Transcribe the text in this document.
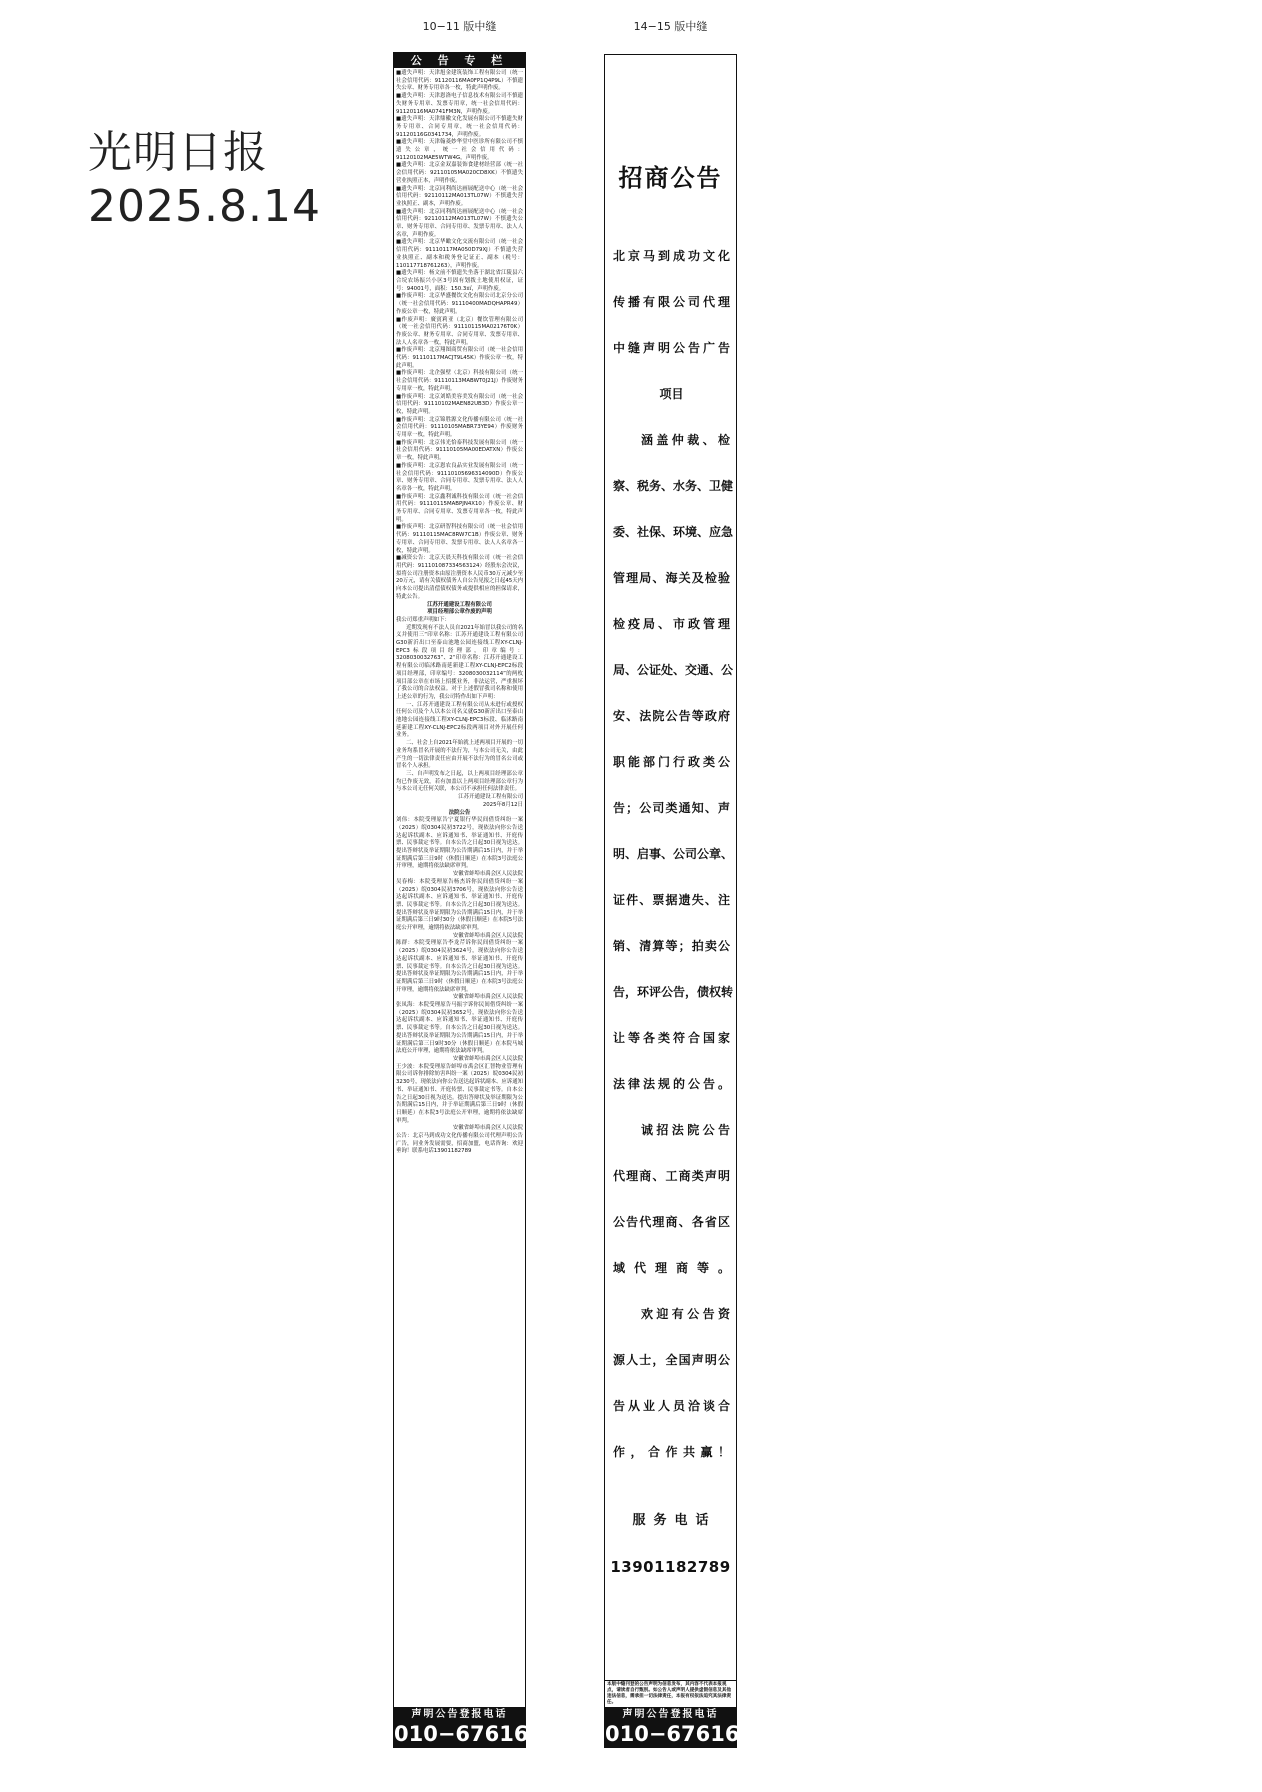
光明日报
2025.8.14
10−11 版中缝	14−15 版中缝
公 告 专 栏

■遗失声明：天津旭金建筑装饰工程有限公司（统一社会信用代码：91120116MA0FP1Q4P9L）不慎遗失公章、财务专用章各一枚，特此声明作废。

■遗失声明：天津恩洛电子信息技术有限公司不慎遗失财务专用章、发票专用章，统一社会信用代码：91120116MA0741FM3N，声明作废。

■遗失声明：天津鼎徽文化发展有限公司不慎遗失财务专用章、合同专用章，统一社会信用代码：91120116G0341734，声明作废。

■遗失声明：天津翰菱妙华堂中医诊所有限公司不慎遗失公章，统一社会信用代码：91120102MAE5WTW4G，声明作废。

■遗失声明：北京金双嘉装饰食建材经营部（统一社会信用代码：92110105MA020CD8XK）不慎遗失营业执照正本，声明作废。

■遗失声明：北京同利尚达画展配送中心（统一社会信用代码：92110112MA013TL07W）不慎遗失营业执照正、副本，声明作废。

■遗失声明：北京同利尚达画展配送中心（统一社会信用代码：92110112MA013TL07W）不慎遗失公章、财务专用章、合同专用章、发票专用章、法人人名章，声明作废。

■遗失声明：北京华瞰文化交流有限公司（统一社会信用代码：91110117MA050D79XJ）不慎遗失营业执照正、副本和税务登记证正、副本（税号：110117718761263），声明作废。

■遗失声明：杨文前不慎遗失坐落于湖北省江陵县六合垸农场振兴小区3号固有划拨土地使用权证，证号：94001号，面积：150.3㎡，声明作废。

■作废声明：北京华盛餐饮文化有限公司北京分公司（统一社会信用代码：91110400MADQHAPR49）作废公章一枚，特此声明。

■作废声明：廣賓莉亚（北京）餐饮管理有限公司（统一社会信用代码：91110115MA02176T0K）作废公章、财务专用章、合同专用章、发票专用章、法人人名章各一枚，特此声明。

■作废声明：北京翔图商贸有限公司（统一社会信用代码：91110117MACJT9L45K）作废公章一枚，特此声明。

■作废声明：北企强壁（北京）科技有限公司（统一社会信用代码：91110113MABWT0J21J）作废财务专用章一枚，特此声明。

■作废声明：北京刘皓美容美发有限公司（统一社会信用代码：91110102MAEN82UB3D）作废公章一枚，特此声明。

■作废声明：北京锦胜源文化传播有限公司（统一社会信用代码：91110105MABR73YE94）作废财务专用章一枚，特此声明。

■作废声明：北京伟光恰泰科技发展有限公司（统一社会信用代码：91110105MA00EDATXN）作废公章一枚，特此声明。

■作废声明：北京恩农良品实业发展有限公司（统一社会信用代码：91110105696314090D）作废公章、财务专用章、合同专用章、发票专用章、法人人名章各一枚，特此声明。

■作废声明：北京鑫利诚科技有限公司（统一社会信用代码：91110115MABPJN4X10）作废公章、财务专用章、合同专用章、发票专用章各一枚，特此声明。

■作废声明：北京研智科技有限公司（统一社会信用代码：91110115MAC8RW7C1B）作废公章、财务专用章、合同专用章、发票专用章、法人人名章各一枚，特此声明。

■减资公告：北京天晨天科技有限公司（统一社会信用代码：911101087334563124）经股东会决议，拟将公司注册资本由原注册资本人民币30万元减少至20万元，请有关债权债务人自公告见报之日起45天内向本公司提出清偿债权债务或提供相应的担保请求，特此公告。

江苏开通建设工程有限公司

项目经理部公章作废的声明

我公司郑重声明如下：

近期发现有不法人员自2021年始冒以我公司的名义并使用三“印章名称：江苏开通建设工程有限公司G30新沂出口至泰山池地公园连接线工程XY-CLNJ-EPC3标段项目经理部，印章编号：3208030032763”、2“印章名称：江苏开通建设工程有限公司临沭路南延新建工程XY-CLNJ-EPC2标段项目经理部，印章编号：3208030032114”的两枚项目部公章在市场上招揽业务，非法运营，严重损坏了我公司的合法权益。对于上述假冒我司名称和使用上述公章的行为，我公司特作出如下声明：

一、江苏开通建设工程有限公司从未进行或授权任何公司及个人以本公司名义就G30新沂出口至泰山池地公园连接线工程XY-CLNJ-EPC3标段、临沭路南延新建工程XY-CLNJ-EPC2标段两项目对外开展任何业务。

二、社会上自2021年始就上述两项目开展的一切业务均系冒名开展的不法行为，与本公司无关，由此产生的一切法律责任应由开展不法行为的冒名公司或冒名个人承担。

三、自声明发布之日起，以上两项目经理部公章均已作废无效，若有加盖以上两项目经理部公章行为与本公司无任何关联，本公司不承担任何法律责任。

江苏开通建设工程有限公司

2025年8月12日

法院公告

刘伟：本院受理原告宁夏银行华民间借贷纠纷一案（2025）皖0304民初3722号，现依法向你公告送达起诉状副本、应诉通知书、举证通知书、开庭传票、民事裁定书等。自本公告之日起30日视为送达。提出答辩状及举证期限为公告期满后15日内，并于举证期满后第三日9时（休假日顺延）在本院3号法庭公开审理，逾期将依法缺席审判。

安徽省蚌埠市禹会区人民法院

吴春梅：本院受理原告杨杰诉你民间借贷纠纷一案（2025）皖0304民初3706号，现依法向你公告送达起诉状副本、应诉通知书、举证通知书、开庭传票、民事裁定书等。自本公告之日起30日视为送达。提出答辩状及举证期限为公告期满后15日内，并于举证期满后第三日9时30分（休假日顺延）在本院5号法庭公开审理，逾期将依法缺席审判。

安徽省蚌埠市禹会区人民法院

陈群：本院受理原告李龙芹诉你民间借贷纠纷一案（2025）皖0304民初3624号，现依法向你公告送达起诉状副本、应诉通知书、举证通知书、开庭传票、民事裁定书等。自本公告之日起30日视为送达。提出答辩状及举证期限为公告期满后15日内，并于举证期满后第三日9时（休假日顺延）在本院3号法庭公开审理，逾期将依法缺席审判。

安徽省蚌埠市禹会区人民法院

张凤海：本院受理原告马振宇诉你民间借贷纠纷一案（2025）皖0304民初3652号，现依法向你公告送达起诉状副本、应诉通知书、举证通知书、开庭传票、民事裁定书等。自本公告之日起30日视为送达。提出答辩状及举证期限为公告期满后15日内，并于举证期满后第三日9时30分（休假日顺延）在本院马城法庭公开审理，逾期将依法缺席审判。

安徽省蚌埠市禹会区人民法院

王少波：本院受理原告蚌埠市禹会区汇智物业管理有限公司诉你排除妨害纠纷一案（2025）皖0304民初3230号，现依法向你公告送达起诉状副本、应诉通知书、举证通知书、开庭传票、民事裁定书等。自本公告之日起30日视为送达。提出答辩状及举证期限为公告期满后15日内，并于举证期满后第三日9时（休假日顺延）在本院3号法庭公开审理，逾期将依法缺席审判。

安徽省蚌埠市禹会区人民法院

公告：北京马到成功文化传播有限公司代理声明公告广告，同业务发展需要，招商加盟，电话咨询：欢迎垂询！联系电话13901182789

声明公告登报电话
010−67616666
招商公告
服务电话
13901182789
北京马到成功文化
传播有限公司代理
中缝声明公告广告
项目
涵盖仲裁、检
察、税务、水务、卫健
委、社保、环境、应急
管理局、海关及检验
检疫局、市政管理
局、公证处、交通、公
安、法院公告等政府
职能部门行政类公
告；公司类通知、声
明、启事、公司公章、
证件、票据遗失、注
销、清算等；拍卖公
告，环评公告，债权转
让等各类符合国家
法律法规的公告。
诚招法院公告
代理商、工商类声明
公告代理商、各省区
域代理商等。
欢迎有公告资
源人士，全国声明公
告从业人员洽谈合
作，合作共赢！
本版中缝刊登的公告声明为信息发布，其内容不代表本报观点，请读者自行甄别。如公告人或声明人提供虚假信息及其他违法信息，需承担一切法律责任，本报有权依法追究其法律责任。
声明公告登报电话
010−67616666
